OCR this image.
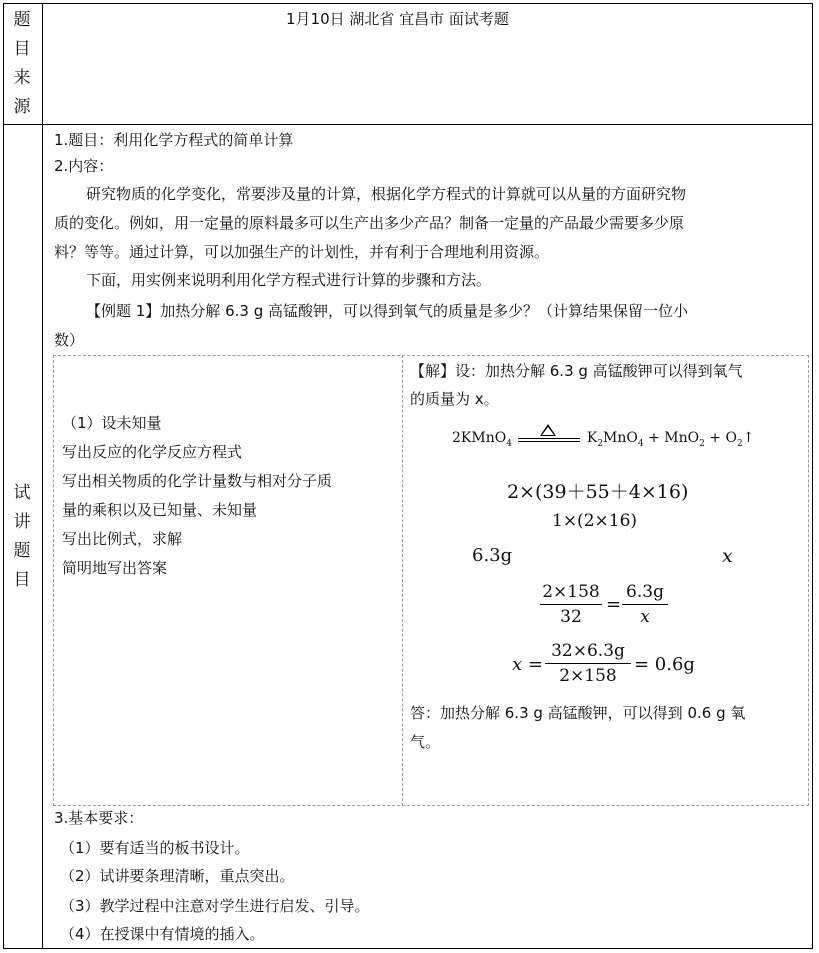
题
目
来
源
1月10日 湖北省 宜昌市 面试考题
试
讲
题
目
1.题目：利用化学方程式的简单计算
2.内容：
研究物质的化学变化，常要涉及量的计算，根据化学方程式的计算就可以从量的方面研究物
质的变化。例如，用一定量的原料最多可以生产出多少产品？制备一定量的产品最少需要多少原
料？等等。通过计算，可以加强生产的计划性，并有利于合理地利用资源。
下面，用实例来说明利用化学方程式进行计算的步骤和方法。
【例题 1】加热分解 6.3 g 高锰酸钾，可以得到氧气的质量是多少？（计算结果保留一位小
数）
（1）设未知量
写出反应的化学反应方程式
写出相关物质的化学计量数与相对分子质
量的乘积以及已知量、未知量
写出比例式，求解
简明地写出答案
【解】设：加热分解 6.3 g 高锰酸钾可以得到氧气
的质量为 x。
2KMnO$_4$	$K_2MnO_4 + MnO_2$ + $O_2↑$
2×(39＋55＋4×16)
1×(2×16)
6.3g	x
2×158
32
=
6.3g
x
x =
32×6.3g
2×158
= 0.6g
答：加热分解 6.3 g 高锰酸钾，可以得到 0.6 g 氧
气。
3.基本要求：
（1）要有适当的板书设计。
（2）试讲要条理清晰，重点突出。
（3）教学过程中注意对学生进行启发、引导。
（4）在授课中有情境的插入。
